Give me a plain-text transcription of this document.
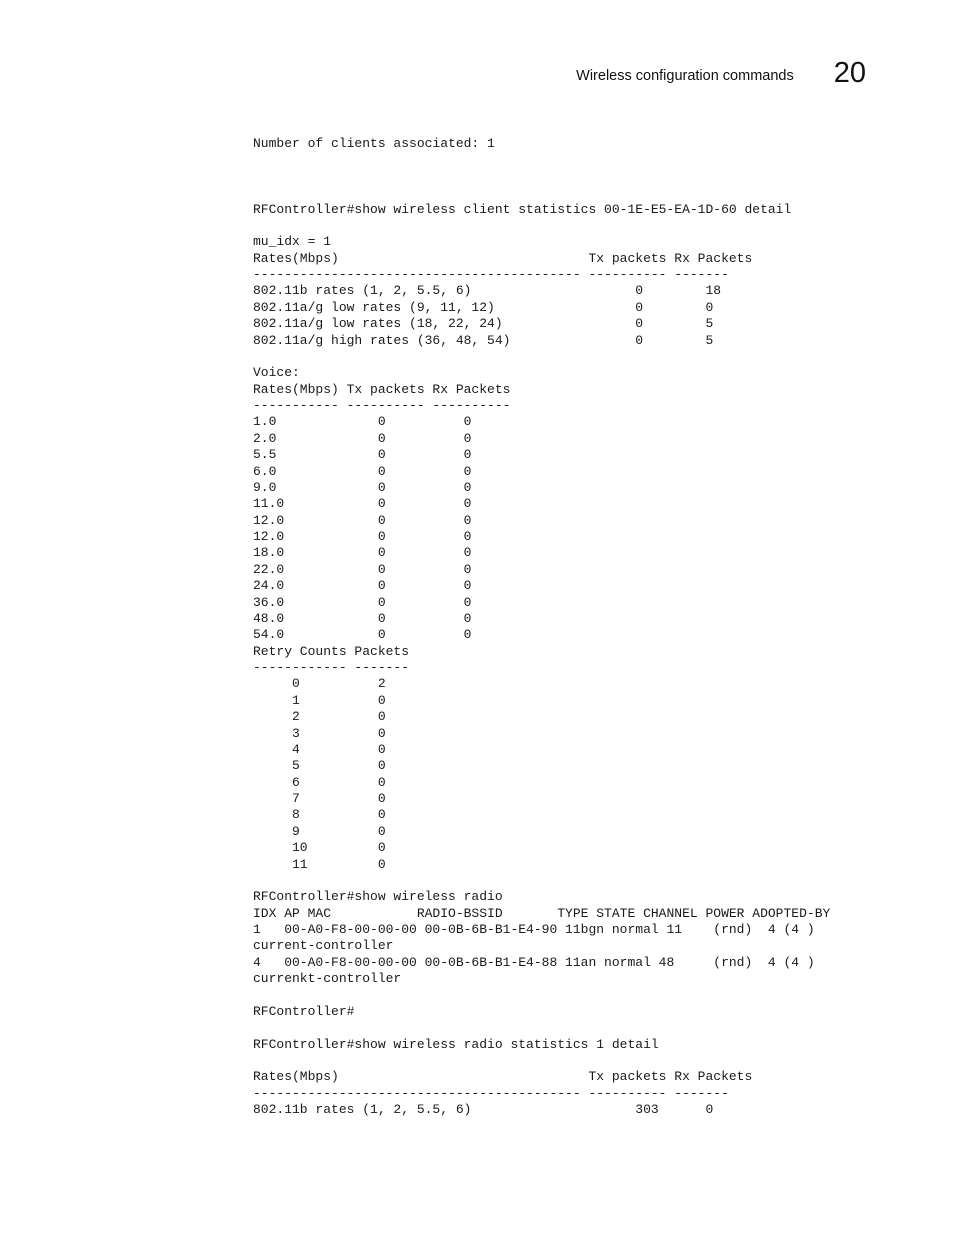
Wireless configuration commands 20
Number of clients associated: 1
RFController#show wireless client statistics 00-1E-E5-EA-1D-60 detail
mu_idx = 1
Rates(Mbps)                                Tx packets Rx Packets
------------------------------------------ ---------- -------
802.11b rates (1, 2, 5.5, 6)                     0        18
802.11a/g low rates (9, 11, 12)                  0        0
802.11a/g low rates (18, 22, 24)                 0        5
802.11a/g high rates (36, 48, 54)                0        5
Voice:
Rates(Mbps) Tx packets Rx Packets
----------- ---------- ----------
1.0             0          0
2.0             0          0
5.5             0          0
6.0             0          0
9.0             0          0
11.0            0          0
12.0            0          0
12.0            0          0
18.0            0          0
22.0            0          0
24.0            0          0
36.0            0          0
48.0            0          0
54.0            0          0
Retry Counts Packets
------------ -------
0          2
1          0
2          0
3          0
4          0
5          0
6          0
7          0
8          0
9          0
10         0
11         0
RFController#show wireless radio
IDX AP MAC           RADIO-BSSID       TYPE STATE CHANNEL POWER ADOPTED-BY
1   00-A0-F8-00-00-00 00-0B-6B-B1-E4-90 11bgn normal 11    (rnd)  4 (4 )
current-controller
4   00-A0-F8-00-00-00 00-0B-6B-B1-E4-88 11an normal 48     (rnd)  4 (4 )
currenkt-controller
RFController#
RFController#show wireless radio statistics 1 detail
Rates(Mbps)                                Tx packets Rx Packets
------------------------------------------ ---------- -------
802.11b rates (1, 2, 5.5, 6)                     303      0
